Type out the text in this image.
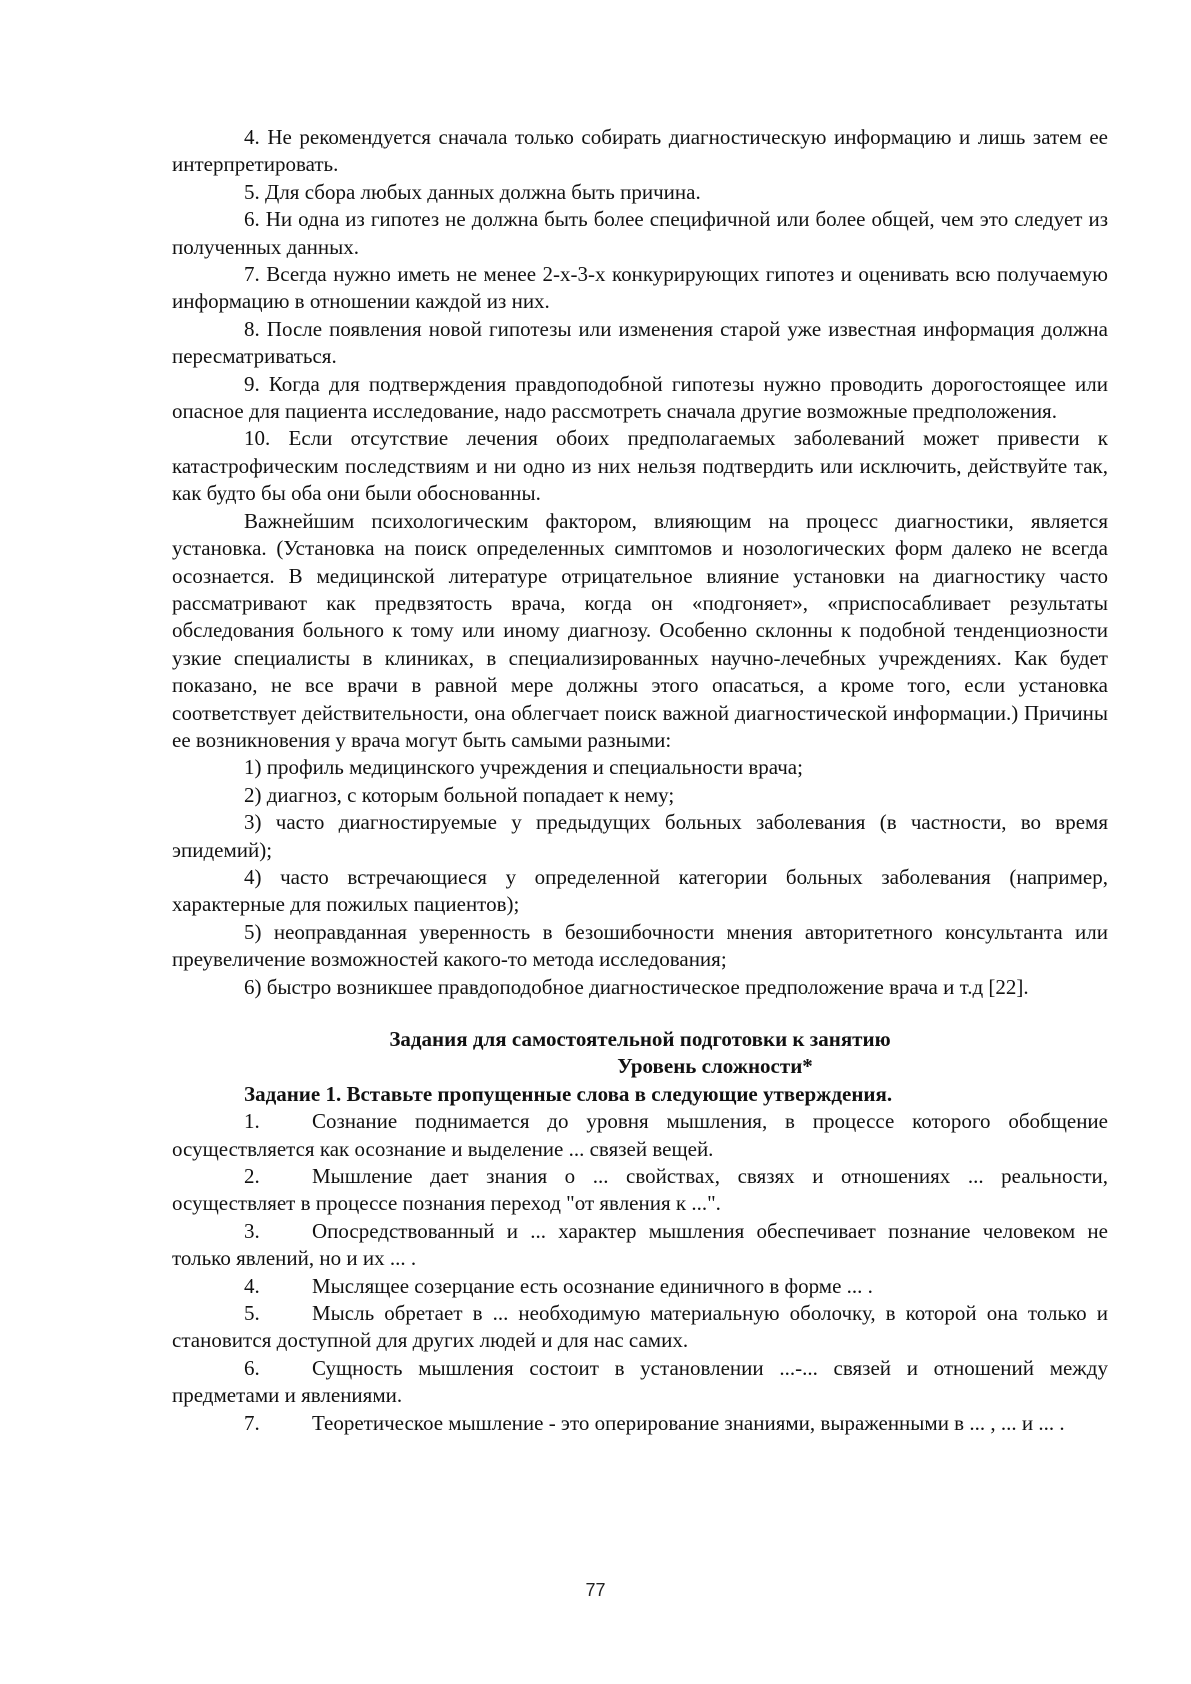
4. Не рекомендуется сначала только собирать диагностическую информацию и лишь затем ее интерпретировать.

5. Для сбора любых данных должна быть причина.

6. Ни одна из гипотез не должна быть более специфичной или более общей, чем это следует из полученных данных.

7. Всегда нужно иметь не менее 2-х-3-х конкурирующих гипотез и оценивать всю получаемую информацию в отношении каждой из них.

8. После появления новой гипотезы или изменения старой уже известная информация должна пересматриваться.

9. Когда для подтверждения правдоподобной гипотезы нужно проводить дорогостоящее или опасное для пациента исследование, надо рассмотреть сначала другие возможные предположения.

10. Если отсутствие лечения обоих предполагаемых заболеваний может привести к катастрофическим последствиям и ни одно из них нельзя подтвердить или исключить, действуйте так, как будто бы оба они были обоснованны.

Важнейшим психологическим фактором, влияющим на процесс диагностики, является установка. (Установка на поиск определенных симптомов и нозологических форм далеко не всегда осознается. В медицинской литературе отрицательное влияние установки на диагностику часто рассматривают как предвзятость врача, когда он «подгоняет», «приспосабливает результаты обследования больного к тому или иному диагнозу. Особенно склонны к подобной тенденциозности узкие специалисты в клиниках, в специализированных научно-лечебных учреждениях. Как будет показано, не все врачи в равной мере должны этого опасаться, а кроме того, если установка соответствует действительности, она облегчает поиск важной диагностической информации.) Причины ее возникновения у врача могут быть самыми разными:

1) профиль медицинского учреждения и специальности врача;

2) диагноз, с которым больной попадает к нему;

3) часто диагностируемые у предыдущих больных заболевания (в частности, во время эпидемий);

4) часто встречающиеся у определенной категории больных заболевания (например, характерные для пожилых пациентов);

5) неоправданная уверенность в безошибочности мнения авторитетного консультанта или преувеличение возможностей какого-то метода исследования;

6) быстро возникшее правдоподобное диагностическое предположение врача и т.д [22].

Задания для самостоятельной подготовки к занятию

Уровень сложности*

Задание 1. Вставьте пропущенные слова в следующие утверждения.

1. Сознание поднимается до уровня мышления, в процессе которого обобщение осуществляется как осознание и выделение ... связей вещей.

2. Мышление дает знания о ... свойствах, связях и отношениях ... реальности, осуществляет в процессе познания переход "от явления к ...".

3. Опосредствованный и ... характер мышления обеспечивает познание человеком не только явлений, но и их ... .

4. Мыслящее созерцание есть осознание единичного в форме ... .

5. Мысль обретает в ... необходимую материальную оболочку, в которой она только и становится доступной для других людей и для нас самих.

6. Сущность мышления состоит в установлении ...-... связей и отношений между предметами и явлениями.

7. Теоретическое мышление - это оперирование знаниями, выраженными в ... , ... и ... .

77
